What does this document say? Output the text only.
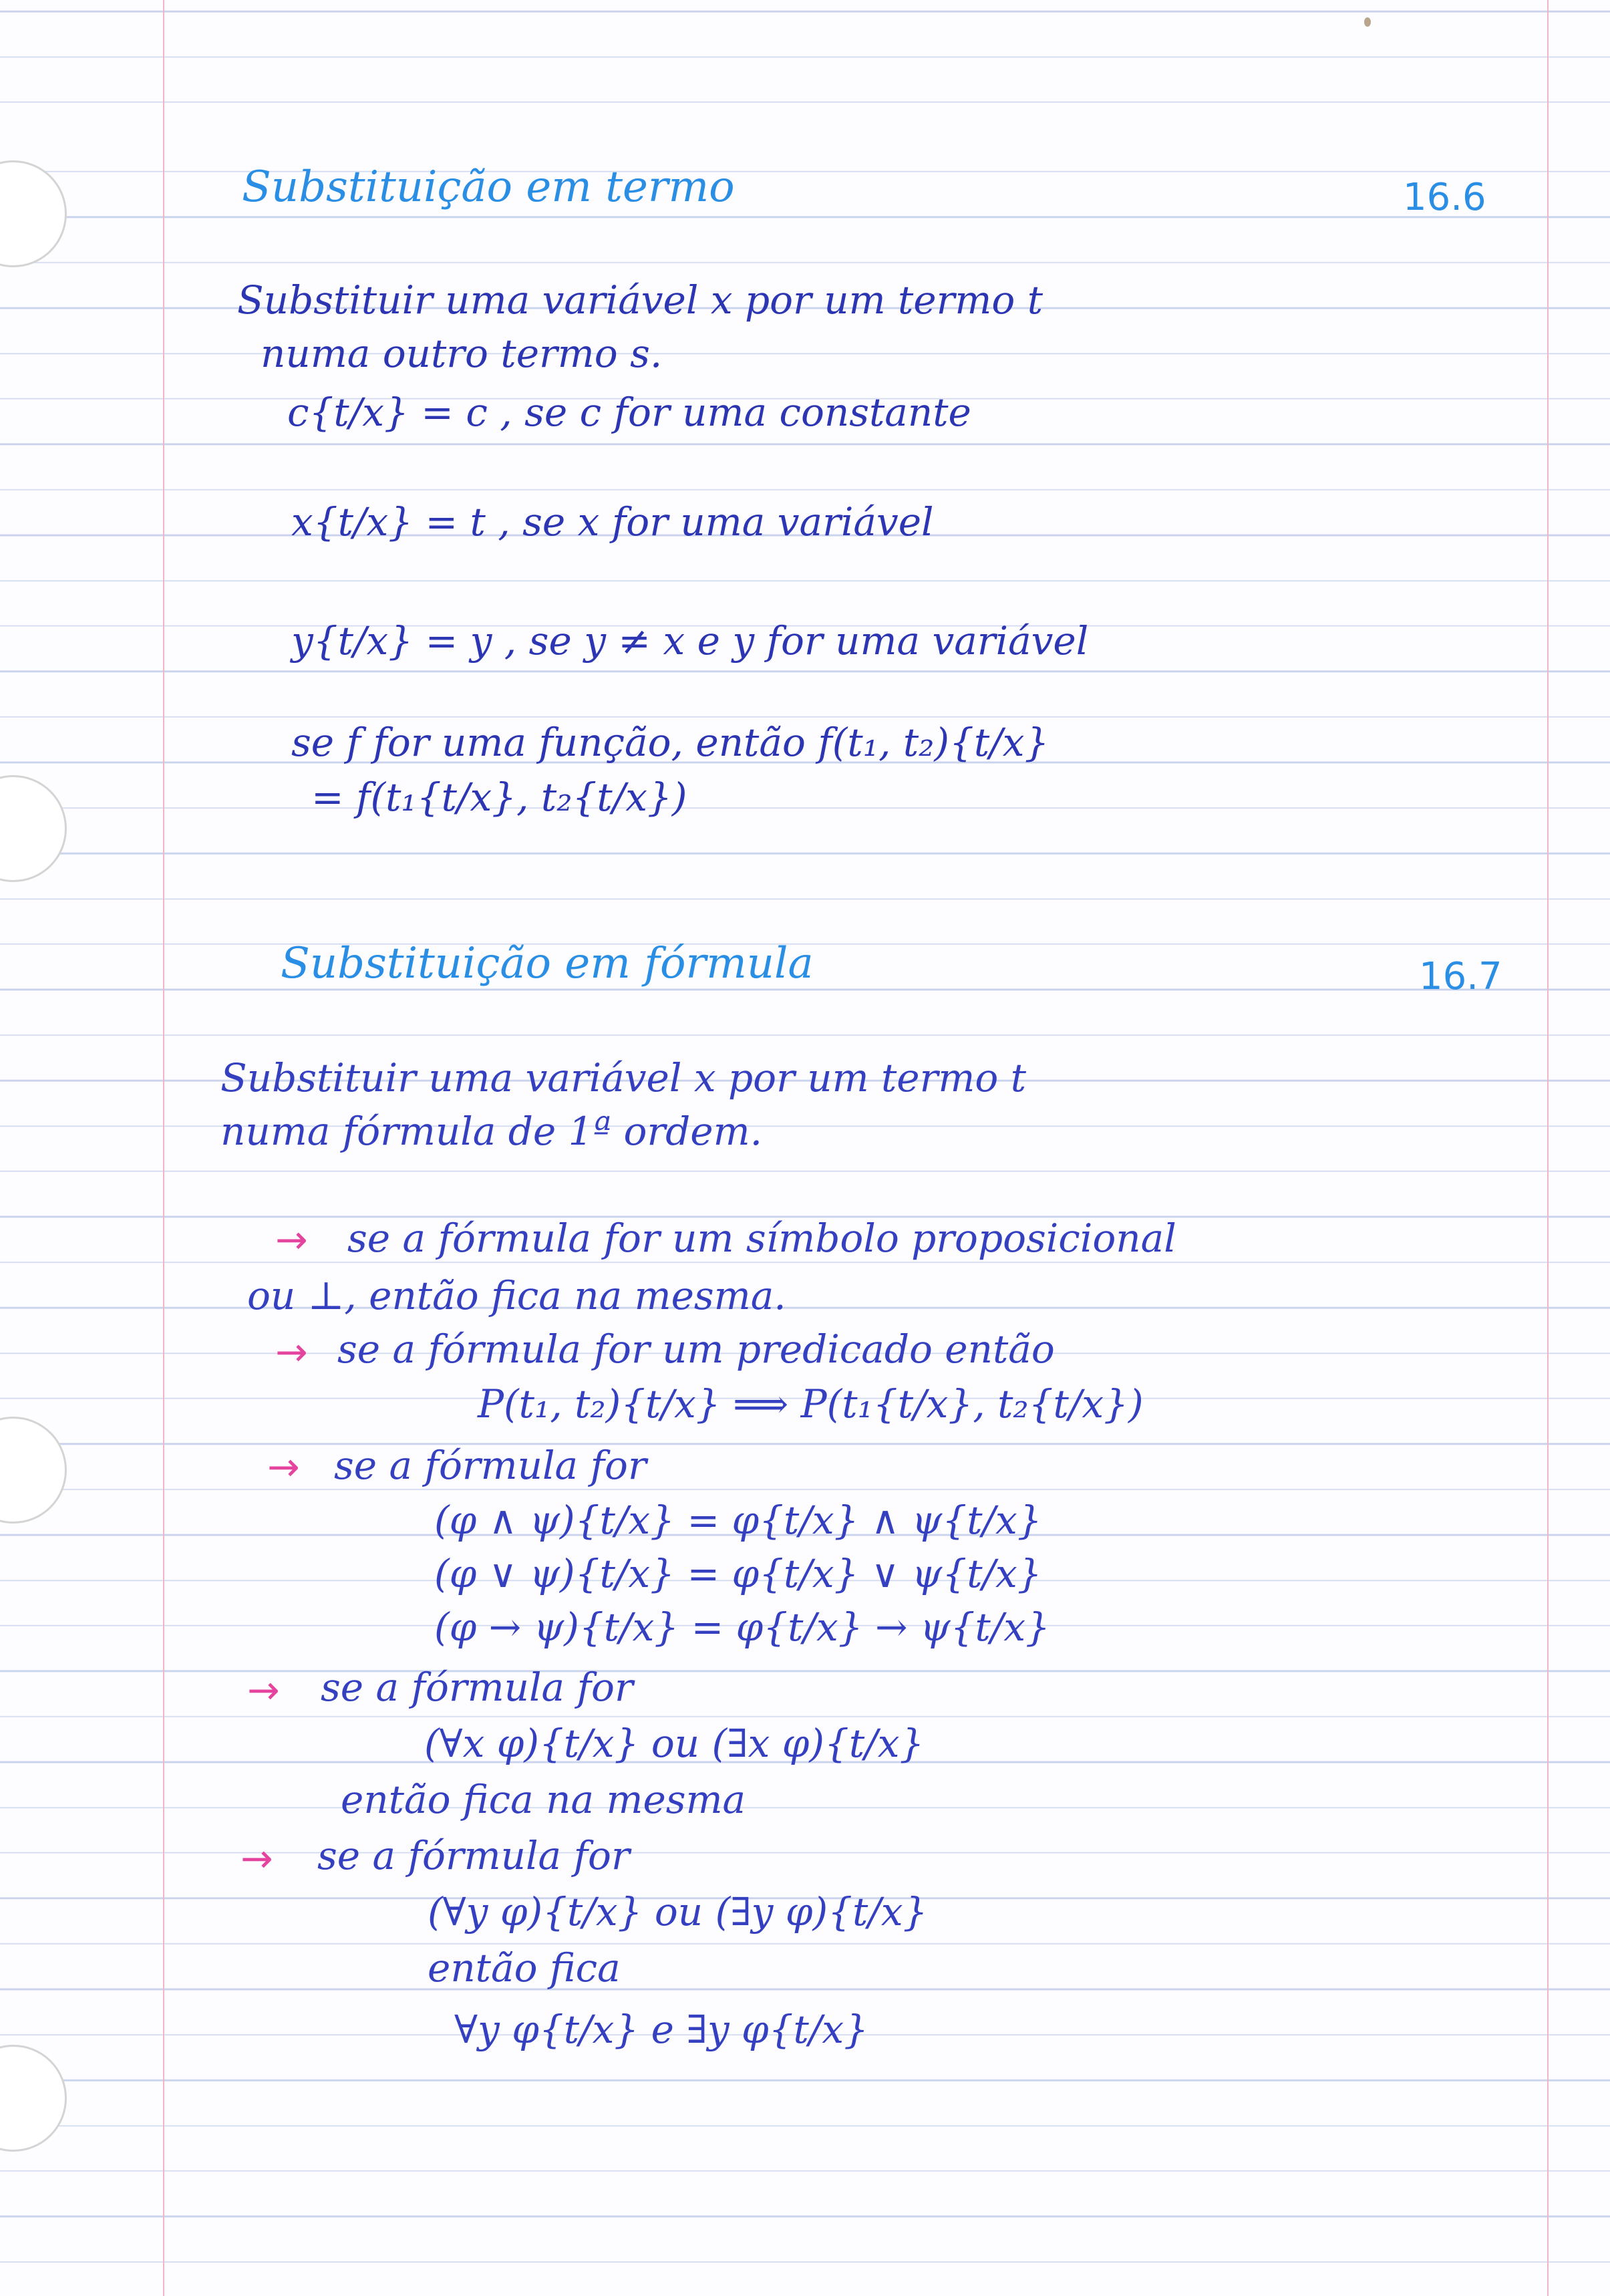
Substituição em termo	16.6
Substituir uma variável x por um termo t
numa outro termo s.
c{t/x} = c , se c for uma constante
x{t/x} = t , se x for uma variável
y{t/x} = y , se y ≠ x e y for uma variável
se f for uma função, então f(t₁, t₂){t/x}
= f(t₁{t/x}, t₂{t/x})
Substituição em fórmula	16.7
Substituir uma variável x por um termo t
numa fórmula de 1ª ordem.
→ se a fórmula for um símbolo proposicional
ou ⊥, então fica na mesma.
→ se a fórmula for um predicado então
P(t₁, t₂){t/x} ⟹ P(t₁{t/x}, t₂{t/x})
→ se a fórmula for
(φ ∧ ψ){t/x} = φ{t/x} ∧ ψ{t/x}
(φ ∨ ψ){t/x} = φ{t/x} ∨ ψ{t/x}
(φ → ψ){t/x} = φ{t/x} → ψ{t/x}
→ se a fórmula for
(∀x φ){t/x} ou (∃x φ){t/x}
então fica na mesma
→ se a fórmula for
(∀y φ){t/x} ou (∃y φ){t/x}
então fica
∀y φ{t/x} e ∃y φ{t/x}
